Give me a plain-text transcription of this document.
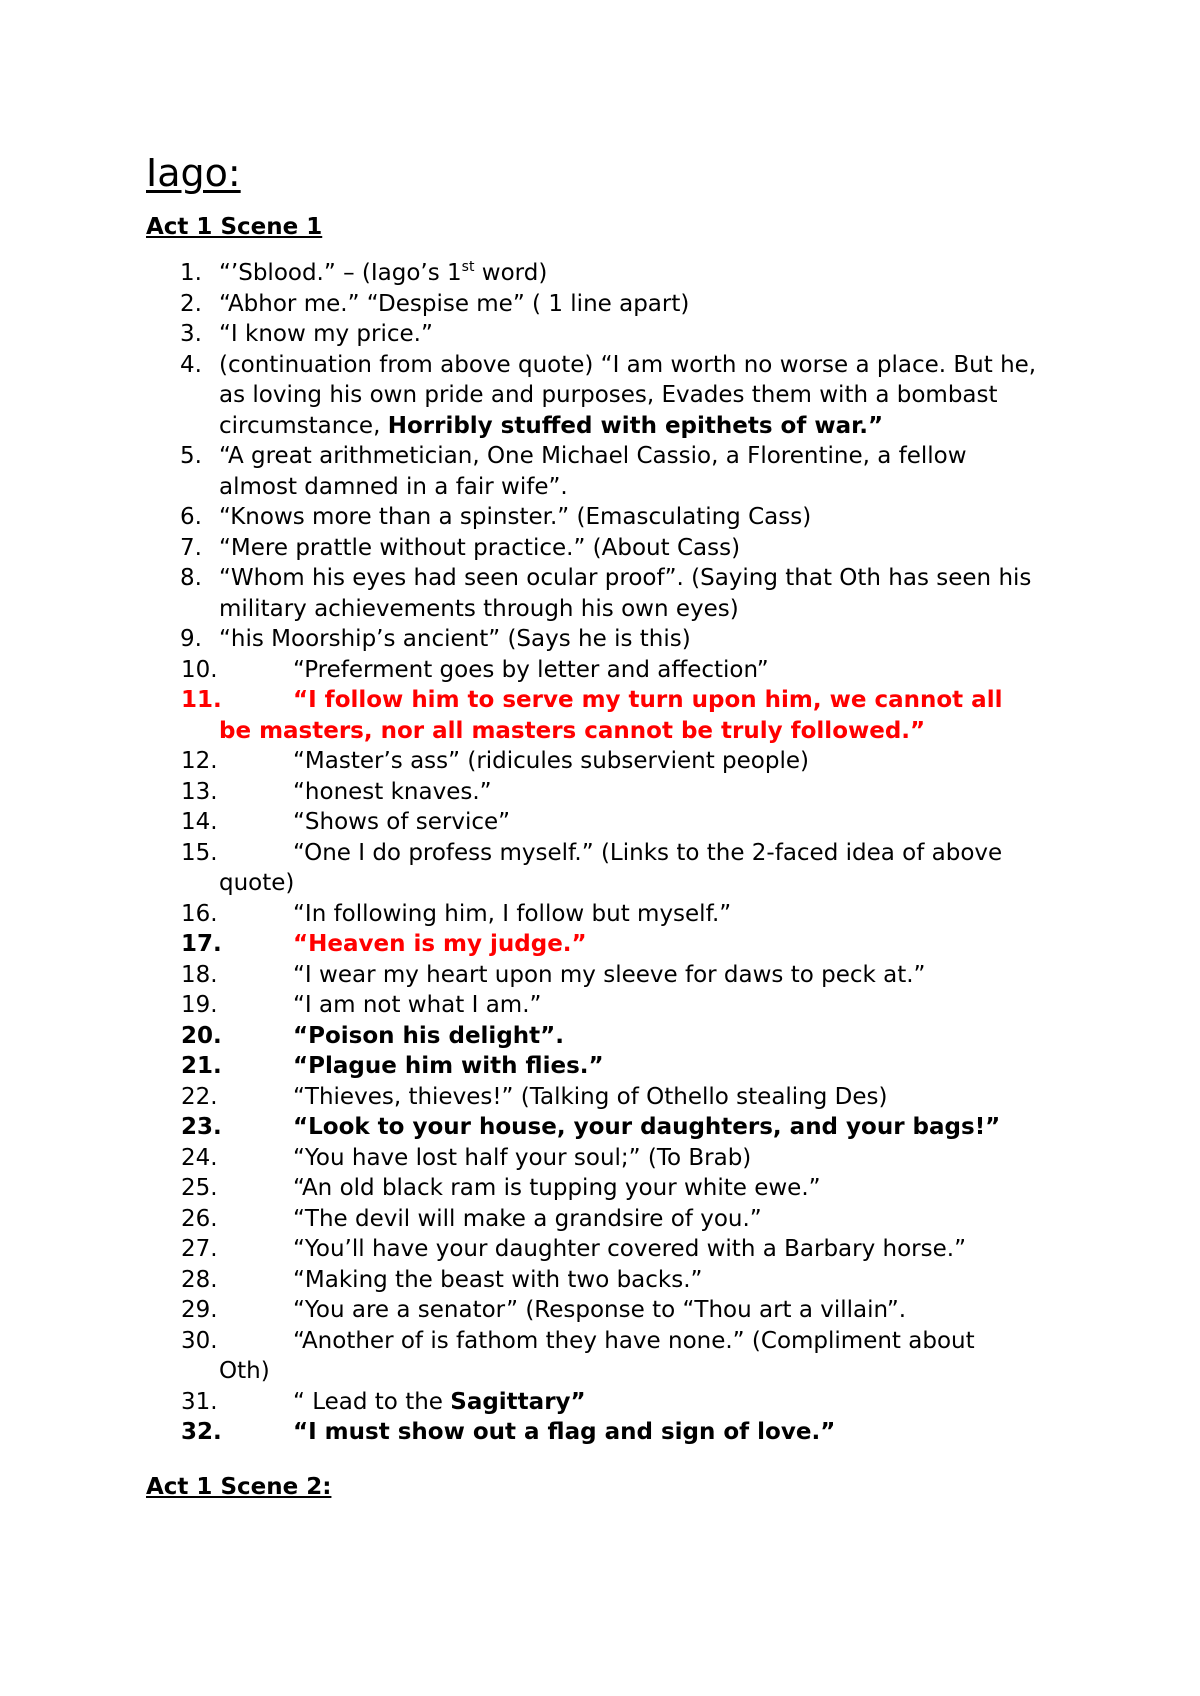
Iago:
Act 1 Scene 1
1. “’Sblood.” – (Iago’s 1st word)
2. “Abhor me.” “Despise me” ( 1 line apart)
3. “I know my price.”
4. (continuation from above quote) “I am worth no worse a place. But he, as loving his own pride and purposes, Evades them with a bombast circumstance, Horribly stuffed with epithets of war.”
5. “A great arithmetician, One Michael Cassio, a Florentine, a fellow almost damned in a fair wife”.
6. “Knows more than a spinster.” (Emasculating Cass)
7. “Mere prattle without practice.” (About Cass)
8. “Whom his eyes had seen ocular proof”. (Saying that Oth has seen his military achievements through his own eyes)
9. “his Moorship’s ancient” (Says he is this)
10.	“Preferment goes by letter and affection”
11.	“I follow him to serve my turn upon him, we cannot all
be masters, nor all masters cannot be truly followed.”
12.	“Master’s ass” (ridicules subservient people)
13.	“honest knaves.”
14.	“Shows of service”
15.	“One I do profess myself.” (Links to the 2-faced idea of above
quote)
16.	“In following him, I follow but myself.”
17.	“Heaven is my judge.”
18.	“I wear my heart upon my sleeve for daws to peck at.”
19.	“I am not what I am.”
20.	“Poison his delight”.
21.	“Plague him with flies.”
22.	“Thieves, thieves!” (Talking of Othello stealing Des)
23.	“Look to your house, your daughters, and your bags!”
24.	“You have lost half your soul;” (To Brab)
25.	“An old black ram is tupping your white ewe.”
26.	“The devil will make a grandsire of you.”
27.	“You’ll have your daughter covered with a Barbary horse.”
28.	“Making the beast with two backs.”
29.	“You are a senator” (Response to “Thou art a villain”.
30.	“Another of is fathom they have none.” (Compliment about
Oth)
31.	“ Lead to the Sagittary”
32.	“I must show out a flag and sign of love.”
Act 1 Scene 2:
